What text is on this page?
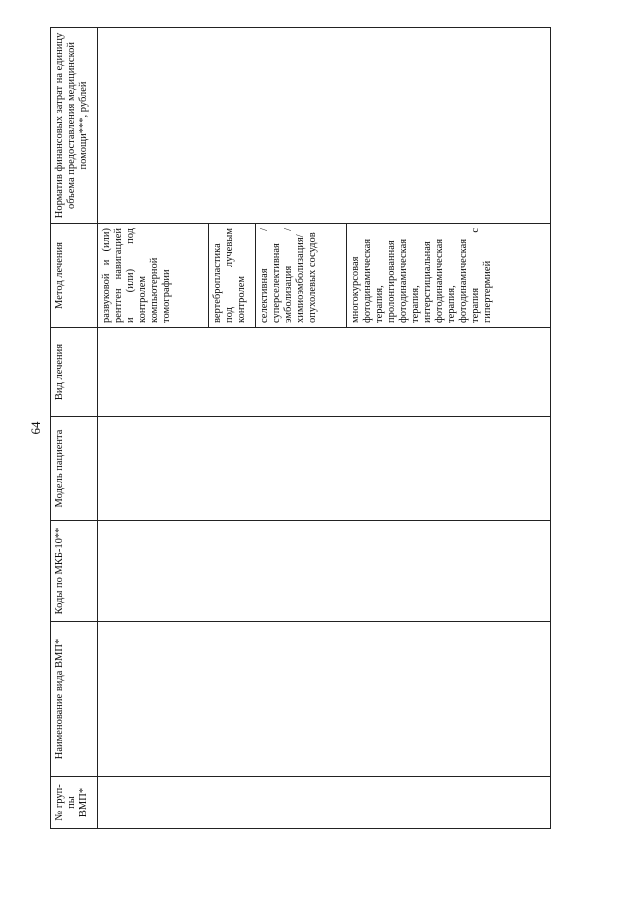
64
№ груп-пы ВМП*	Наименование вида ВМП*	Коды по МКБ-10**	Модель пациента	Вид лечения	Метод лечения	Норматив финансовых затрат на единицу объема предоставления медицинской помощи***, рублей

					развуковой и (или) рентген навигацией и (или) под контролем компьютерной томографии	

					вертебропластика под лучевым контролем	

					селективная /суперселективная эмболизация /химиоэмболизация/ опухолевых сосудов	

					многокурсовая фотодинамическая терапия, пролонгированная фотодинамическая терапия, интерстициальная фотодинамическая терапия, фотодинамическая терапия с гипертермией	
